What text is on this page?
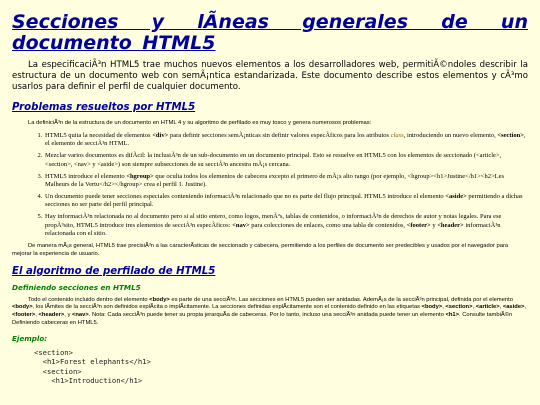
Secciones y lÃneas generales de un documento HTML5

La especificaciÃ³n HTML5 trae muchos nuevos elementos a los desarrolladores web, permitiÃ©ndoles describir la estructura de un documento web con semÃ¡ntica estandarizada. Este documento describe estos elementos y cÃ³mo usarlos para definir el perfil de cualquier documento.

Problemas resueltos por HTML5

La definiciÃ³n de la estructura de un documento en HTML 4 y su algoritmo de perfilado es muy tosco y genera numerosos problemas:

1. HTML5 quita la necesidad de elementos <div> para definir secciones semÃ¡nticas sin definir valores especÃficos para los atributos class, introduciendo un nuevo elemento, <section>, el elemento de secciÃ³n HTML.
2. Mezclar varios documentos es difÃcil: la inclusiÃ³n de un sub-documento en un documento principal. Esto se resuelve en HTML5 con los elementos de seccionado (<article>, <section>, <nav> y <aside>) son siempre subsecciones de su secciÃ³n ancestra mÃ¡s cercana.
3. HTML5 introduce el elemento <hgroup> que oculta todos los elementos de cabecera excepto el primero de mÃ¡s alto rango (por ejemplo, <hgroup><h1>Justine</h1><h2>Les Malheurs de la Vertu</h2></hgroup> crea el perfil 1. Justine).
4. Un documento puede tener secciones especiales conteniendo informaciÃ³n relacionado que no es parte del flujo principal. HTML5 introduce el elemento <aside> permitiendo a dichas secciones no ser parte del perfil principal.
5. Hay informaciÃ³n relacionada no al documento pero si al sitio entero, como logos, menÃºs, tablas de contenidos, o informaciÃ³n de derechos de autor y notas legales. Para ese propÃ³sito, HTML5 introduce tres elementos de secciÃ³n especÃficos: <nav> para colecciones de enlaces, como una tabla de contenidos, <footer> y <header> informaciÃ³n relacionada con el sitio.

De manera mÃ¡s general, HTML5 trae precisiÃ³n a las caracterÃsticas de seccionado y cabecera, permitiendo a los perfiles de documento ser predecibles y usados por el navegador para mejorar la experiencia de usuario.

El algoritmo de perfilado de HTML5
Definiendo secciones en HTML5

Todo el contenido incluido dentro del elemento <body> es parte de una secciÃ³n. Las secciones en HTML5 pueden ser anidadas. AdemÃ¡s de la secciÃ³n principal, definida por el elemento <body>, los lÃmites de la secciÃ³n son definidos explÃcita o implÃcitamente. La secciones definidas explÃcitamente son el contenido definido en las etiquetas <body>, <section>, <article>, <aside>, <footer>, <header>, y <nav>. Nota: Cada secciÃ³n puede tener su propia jerarquÃa de cabeceras. Por lo tanto, incluso una secciÃ³n anidada puede tener un elemento <h1>. Consulte tambiÃ©n Definiendo cabeceras en HTML5.

Ejemplo:
<section>
<h1>Forest elephants</h1>
<section>
<h1>Introduction</h1>
